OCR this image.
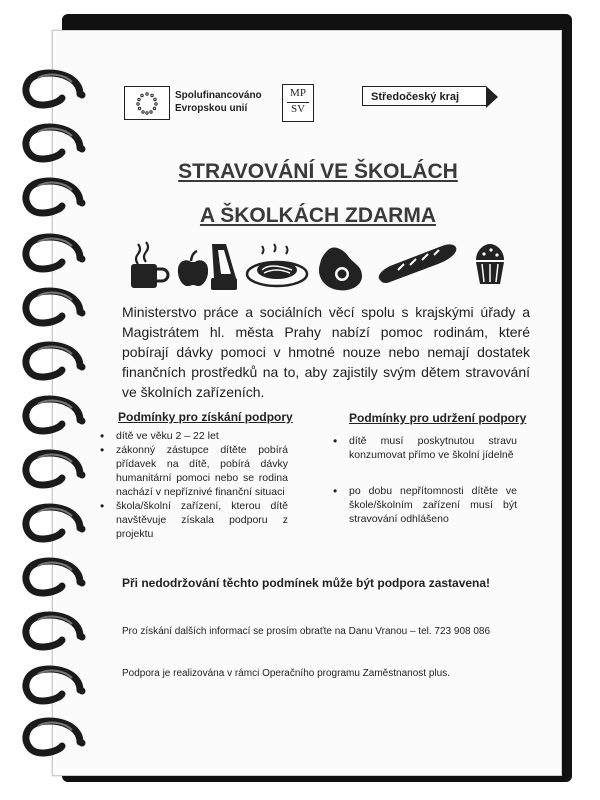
Spolufinancováno
Evropskou unií
MP
SV
Středočeský kraj
STRAVOVÁNÍ VE ŠKOLÁCH
A ŠKOLKÁCH ZDARMA
Ministerstvo práce a sociálních věcí spolu s krajskými úřady a Magistrátem hl. města Prahy nabízí pomoc rodinám, které pobírají dávky pomoci v hmotné nouze nebo nemají dostatek finančních prostředků na to, aby zajistily svým dětem stravování ve školních zařízeních.
Podmínky pro získání podpory
• dítě ve věku 2 – 22 let
• zákonný zástupce dítěte pobírá přídavek na dítě, pobírá dávky humanitární pomoci nebo se rodina nachází v nepříznivé finanční situaci
• škola/školní zařízení, kterou dítě navštěvuje získala podporu z projektu
Podmínky pro udržení podpory
• dítě musí poskytnutou stravu konzumovat přímo ve školní jídelně
• po dobu nepřítomnosti dítěte ve škole/školním zařízení musí být stravování odhlášeno
Při nedodržování těchto podmínek může být podpora zastavena!
Pro získání dalších informací se prosím obraťte na Danu Vranou – tel. 723 908 086
Podpora je realizována v rámci Operačního programu Zaměstnanost plus.
